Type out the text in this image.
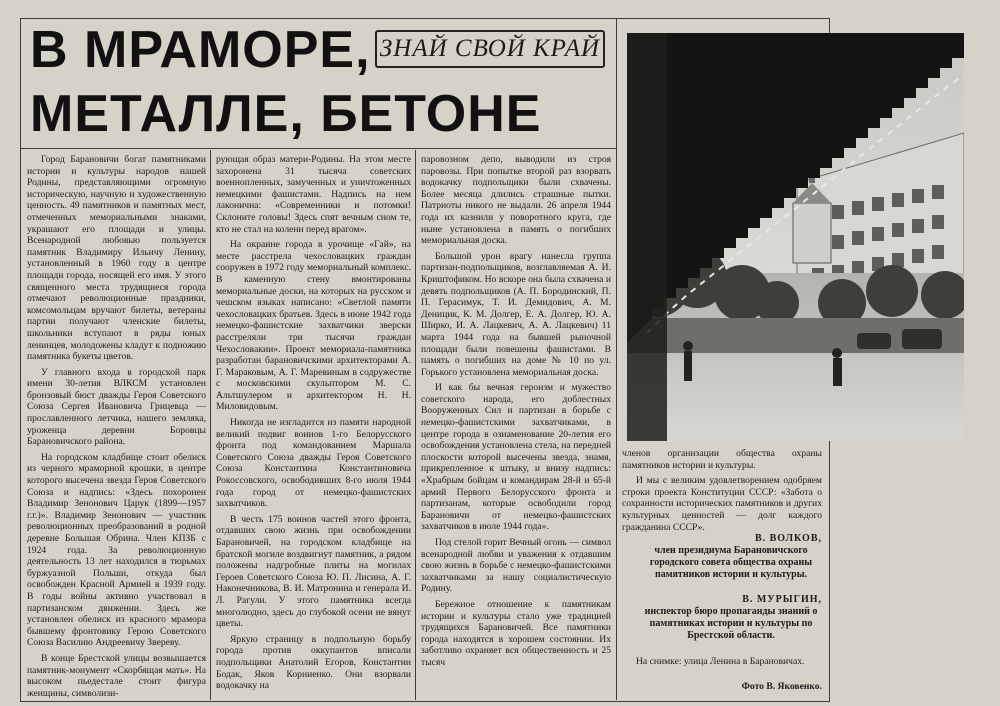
В МРАМОРЕ,
МЕТАЛЛЕ, БЕТОНЕ
ЗНАЙ СВОЙ КРАЙ

Город Барановичи богат памятниками истории и культуры народов нашей Родины, представляющими огромную историческую, научную и художественную ценность. 49 памятников и памятных мест, отмеченных мемориальными знаками, украшают его площади и улицы. Всенародной любовью пользуется памятник Владимиру Ильичу Ленину, установленный в 1960 году в центре площади города, носящей его имя. У этого священного места трудящиеся города отмечают революционные праздники, комсомольцам вручают билеты, ветераны партии получают членские билеты, школьники вступают в ряды юных ленинцев, молодожены кладут к подножию памятника букеты цветов.

У главного входа в городской парк имени 30-летия ВЛКСМ установлен бронзовый бюст дважды Героя Советского Союза Сергея Ивановича Грицевца — прославленного летчика, нашего земляка, уроженца деревни Боровцы Барановичского района.

На городском кладбище стоит обелиск из черного мраморной крошки, в центре которого высечена звезда Героя Советского Союза и надпись: «Здесь похоронен Владимир Зенонович Царук (1899—1957 г.г.)». Владимир Зенонович — участник революционных преобразований в родной деревне Большая Обрина. Член КПЗБ с 1924 года. За революционную деятельность 13 лет находился в тюрьмах буржуазной Польши, откуда был освобожден Красной Армией в 1939 году. В годы войны активно участвовал в партизанском движении. Здесь же установлен обелиск из красного мрамора бывшему фронтовику Герою Советского Союза Василию Андреевичу Звереву.

В конце Брестской улицы возвышается памятник-монумент «Скорбящая мать». На высоком пьедестале стоит фигура женщины, символизи-

рующая образ матери-Родины. На этом месте захоронена 31 тысяча советских военнопленных, замученных и уничтоженных немецкими фашистами. Надпись на нем лаконична: «Современники и потомки! Склоните головы! Здесь спят вечным сном те, кто не стал на колени перед врагом».

На окраине города в урочище «Гай», на месте расстрела чехословацких граждан сооружен в 1972 году мемориальный комплекс. В каменную стену вмонтированы мемориальные доски, на которых на русском и чешском языках написано: «Светлой памяти чехословацких братьев. Здесь в июне 1942 года немецко-фашистские захватчики зверски расстреляли три тысячи граждан Чехословакии». Проект мемориала-памятника разработан барановичскими архитекторами А. Г. Мараковым, А. Г. Маревиным в содружестве с московскими скульптором М. С. Альтшулером и архитектором Н. Н. Миловидовым.

Никогда не изгладится из памяти народной великий подвиг воинов 1-го Белорусского фронта под командованием Маршала Советского Союза дважды Героя Советского Союза Константина Константиновича Рокоссовского, освободивших 8-го июля 1944 года город от немецко-фашистских захватчиков.

В честь 175 воинов частей этого фронта, отдавших свою жизнь при освобождении Барановичей, на городском кладбище на братской могиле воздвигнут памятник, а рядом положены надгробные плиты на могилах Героев Советского Союза Ю. П. Лисина, А. Г. Наконечникова, В. И. Матронина и генерала И. Л. Рагули. У этого памятника всегда многолюдно, здесь до глубокой осени не вянут цветы.

Яркую страницу в подпольную борьбу города против оккупантов вписали подпольщики Анатолий Егоров, Константин Бодак, Яков Корниенко. Они взорвали водокачку на

паровозном депо, выводили из строя паровозы. При попытке второй раз взорвать водокачку подпольщики были схвачены. Более месяца длились страшные пытки. Патриоты никого не выдали. 26 апреля 1944 года их казнили у поворотного круга, где ныне установлена в память о погибших мемориальная доска.

Большой урон врагу нанесла группа партизан-подпольщиков, возглавляемая А. И. Криштофиком. Но вскоре она была схвачена и девять подпольщиков (А. П. Бородинский, П. П. Герасимук, Т. И. Демидович, А. М. Деницик, К. М. Долгер, Е. А. Долгер, Ю. А. Ширко, И. А. Лацкевич, А. А. Лацкевич) 11 марта 1944 года на бывшей рыночной площади были повешены фашистами. В память о погибших на доме № 10 по ул. Горького установлена мемориальная доска.

И как бы вечная героизм и мужество советского народа, его доблестных Вооруженных Сил и партизан в борьбе с немецко-фашистскими захватчиками, в центре города в ознаменование 20-летия его освобождения установлена стела, на передней плоскости которой высечены звезда, знамя, прикрепленное к штыку, и внизу надпись: «Храбрым бойцам и командирам 28-й и 65-й армий Первого Белорусского фронта и партизанам, которые освободили город Барановичи от немецко-фашистских захватчиков в июле 1944 года».

Под стелой горит Вечный огонь — символ всенародной любви и уважения к отдавшим свою жизнь в борьбе с немецко-фашистскими захватчиками за нашу социалистическую Родину.

Бережное отношение к памятникам истории и культуры стало уже традицией трудящихся Барановичей. Все памятники города находятся в хорошем состоянии. Их заботливо охраняет вся общественность и 25 тысяч

членов организации общества охраны памятников истории и культуры.

И мы с великим удовлетворением одобряем строки проекта Конституции СССР: «Забота о сохранности исторических памятников и других культурных ценностей — долг каждого гражданина СССР».

В. ВОЛКОВ,
член президиума Барановичского городского совета общества охраны памятников истории и культуры.
В. МУРЫГИН,
инспектор бюро пропаганды знаний о памятниках истории и культуры по Брестской области.
На снимке: улица Ленина в Барановичах.
Фото В. Яковенко.
